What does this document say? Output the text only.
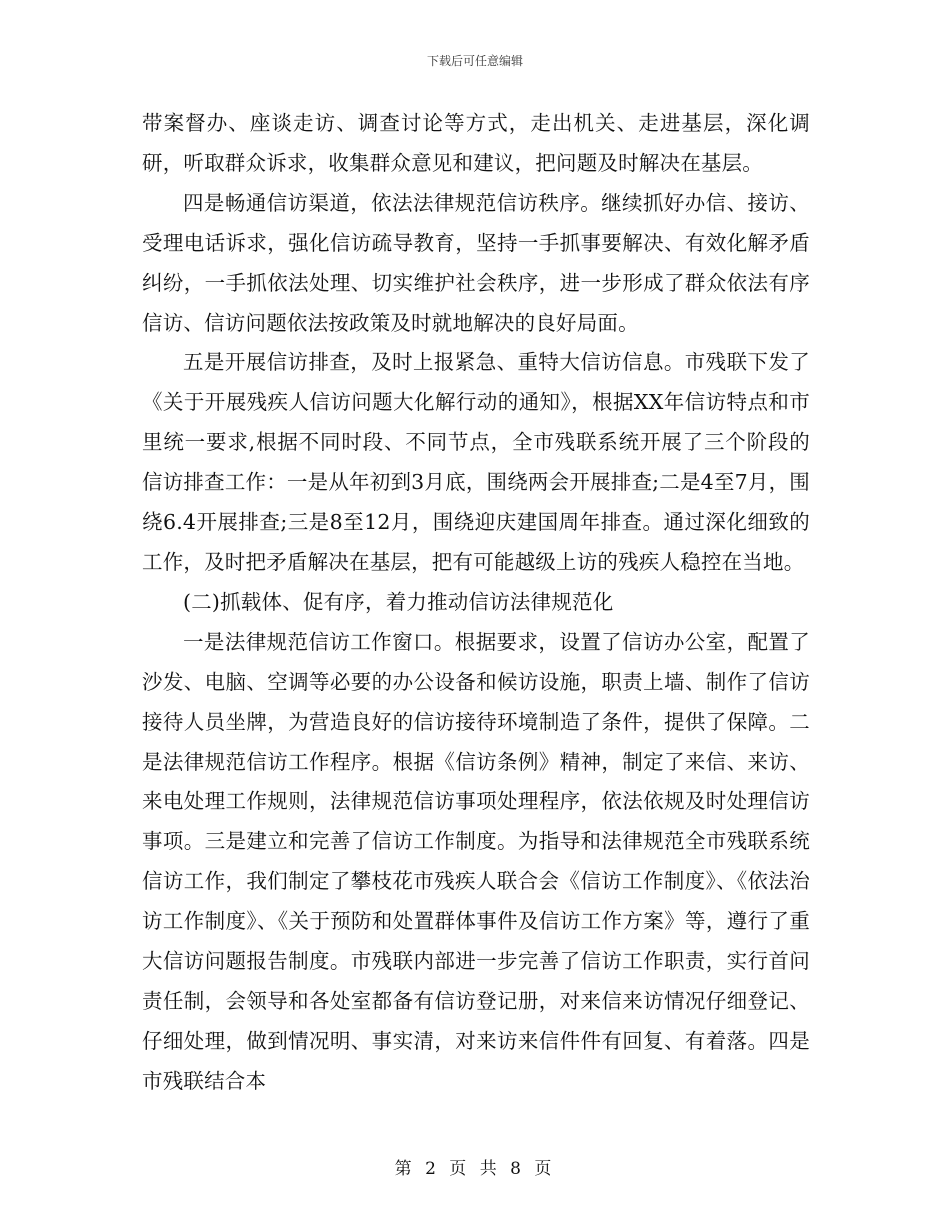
下载后可任意编辑

带案督办、座谈走访、调查讨论等方式，走出机关、走进基层，深化调研，听取群众诉求，收集群众意见和建议，把问题及时解决在基层。

四是畅通信访渠道，依法法律规范信访秩序。继续抓好办信、接访、受理电话诉求，强化信访疏导教育，坚持一手抓事要解决、有效化解矛盾纠纷，一手抓依法处理、切实维护社会秩序，进一步形成了群众依法有序信访、信访问题依法按政策及时就地解决的良好局面。

五是开展信访排查，及时上报紧急、重特大信访信息。市残联下发了《关于开展残疾人信访问题大化解行动的通知》，根据XX年信访特点和市里统一要求,根据不同时段、不同节点，全市残联系统开展了三个阶段的信访排查工作：一是从年初到3月底，围绕两会开展排查;二是4至7月，围绕6.4开展排查;三是8至12月，围绕迎庆建国周年排查。通过深化细致的工作，及时把矛盾解决在基层，把有可能越级上访的残疾人稳控在当地。

(二)抓载体、促有序，着力推动信访法律规范化

一是法律规范信访工作窗口。根据要求，设置了信访办公室，配置了沙发、电脑、空调等必要的办公设备和候访设施，职责上墙、制作了信访接待人员坐牌，为营造良好的信访接待环境制造了条件，提供了保障。二是法律规范信访工作程序。根据《信访条例》精神，制定了来信、来访、来电处理工作规则，法律规范信访事项处理程序，依法依规及时处理信访事项。三是建立和完善了信访工作制度。为指导和法律规范全市残联系统信访工作，我们制定了攀枝花市残疾人联合会《信访工作制度》、《依法治访工作制度》、《关于预防和处置群体事件及信访工作方案》等，遵行了重大信访问题报告制度。市残联内部进一步完善了信访工作职责，实行首问责任制，会领导和各处室都备有信访登记册，对来信来访情况仔细登记、仔细处理，做到情况明、事实清，对来访来信件件有回复、有着落。四是市残联结合本

第 2 页 共 8 页
